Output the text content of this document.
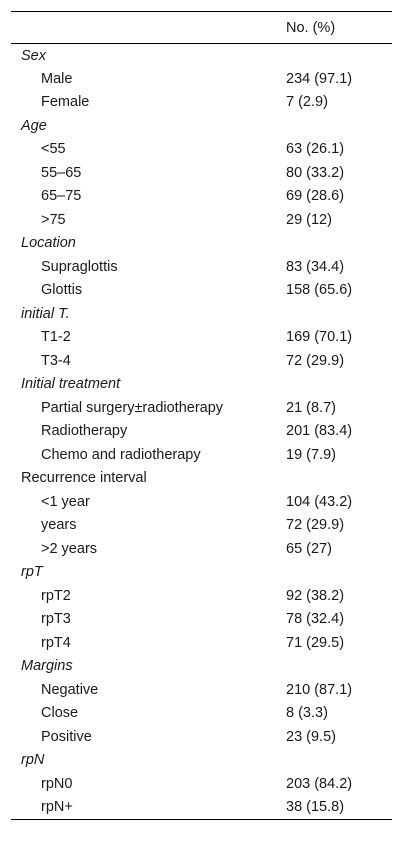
	No. (%)
Sex	
Male	234 (97.1)
Female	7 (2.9)
Age	
<55	63 (26.1)
55–65	80 (33.2)
65–75	69 (28.6)
>75	29 (12)
Location	
Supraglottis	83 (34.4)
Glottis	158 (65.6)
initial T.	
T1-2	169 (70.1)
T3-4	72 (29.9)
Initial treatment	
Partial surgery±radiotherapy	21 (8.7)
Radiotherapy	201 (83.4)
Chemo and radiotherapy	19 (7.9)
Recurrence interval	
<1 year	104 (43.2)
years	72 (29.9)
>2 years	65 (27)
rpT	
rpT2	92 (38.2)
rpT3	78 (32.4)
rpT4	71 (29.5)
Margins	
Negative	210 (87.1)
Close	8 (3.3)
Positive	23 (9.5)
rpN	
rpN0	203 (84.2)
rpN+	38 (15.8)
